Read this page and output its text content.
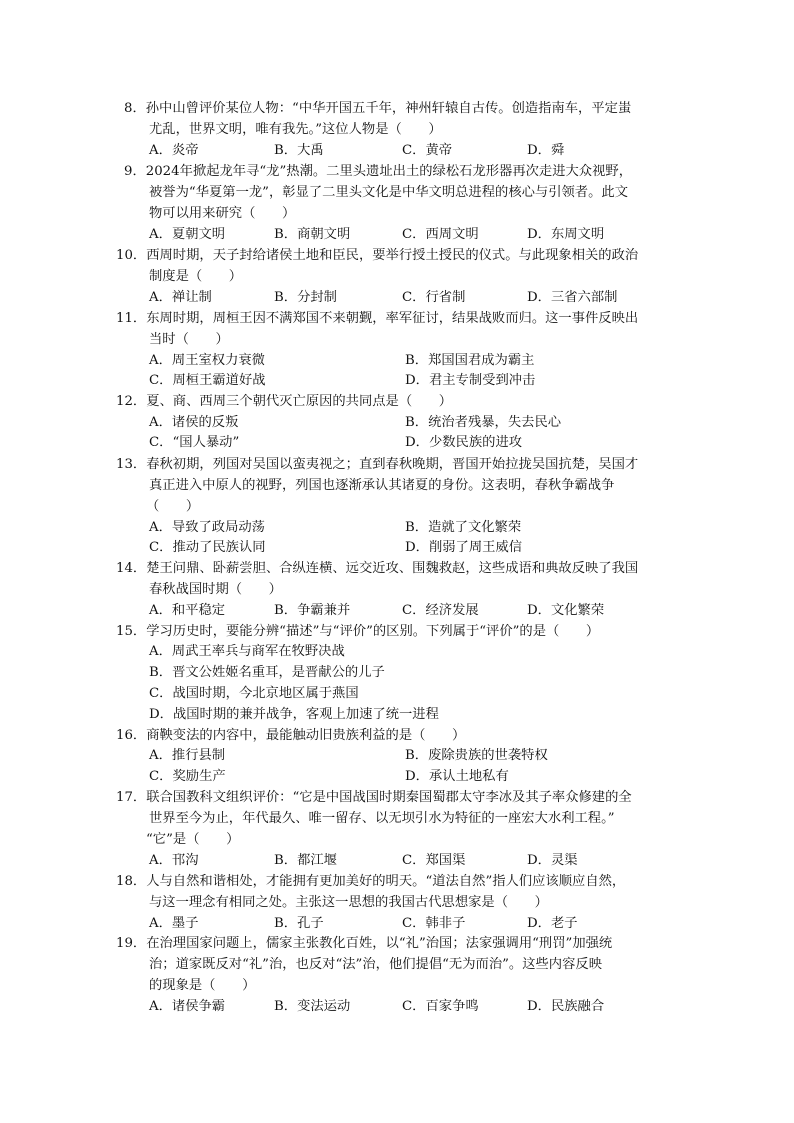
8．孙中山曾评价某位人物：“中华开国五千年，神州轩辕自古传。创造指南车，平定蚩
尤乱，世界文明，唯有我先。”这位人物是（　　）
A．炎帝	B．大禹	C．黄帝	D．舜
9．2024年掀起龙年寻“龙”热潮。二里头遗址出土的绿松石龙形器再次走进大众视野，
被誉为“华夏第一龙”，彰显了二里头文化是中华文明总进程的核心与引领者。此文
物可以用来研究（　　）
A．夏朝文明	B．商朝文明	C．西周文明	D．东周文明
10．西周时期，天子封给诸侯土地和臣民，要举行授土授民的仪式。与此现象相关的政治
制度是（　　）
A．禅让制	B．分封制	C．行省制	D．三省六部制
11．东周时期，周桓王因不满郑国不来朝觐，率军征讨，结果战败而归。这一事件反映出
当时（　　）
A．周王室权力衰微	B．郑国国君成为霸主
C．周桓王霸道好战	D．君主专制受到冲击
12．夏、商、西周三个朝代灭亡原因的共同点是（　　）
A．诸侯的反叛	B．统治者残暴，失去民心
C．“国人暴动”	D．少数民族的进攻
13．春秋初期，列国对吴国以蛮夷视之；直到春秋晚期，晋国开始拉拢吴国抗楚，吴国才
真正进入中原人的视野，列国也逐渐承认其诸夏的身份。这表明，春秋争霸战争
（　　）
A．导致了政局动荡	B．造就了文化繁荣
C．推动了民族认同	D．削弱了周王威信
14．楚王问鼎、卧薪尝胆、合纵连横、远交近攻、围魏救赵，这些成语和典故反映了我国
春秋战国时期（　　）
A．和平稳定	B．争霸兼并	C．经济发展	D．文化繁荣
15．学习历史时，要能分辨“描述”与“评价”的区别。下列属于“评价”的是（　　）
A．周武王率兵与商军在牧野决战
B．晋文公姓姬名重耳，是晋献公的儿子
C．战国时期，今北京地区属于燕国
D．战国时期的兼并战争，客观上加速了统一进程
16．商鞅变法的内容中，最能触动旧贵族利益的是（　　）
A．推行县制	B．废除贵族的世袭特权
C．奖励生产	D．承认土地私有
17．联合国教科文组织评价：“它是中国战国时期秦国蜀郡太守李冰及其子率众修建的全
世界至今为止，年代最久、唯一留存、以无坝引水为特征的一座宏大水利工程。”
“它”是（　　）
A．邗沟	B．都江堰	C．郑国渠	D．灵渠
18．人与自然和谐相处，才能拥有更加美好的明天。“道法自然”指人们应该顺应自然，
与这一理念有相同之处。主张这一思想的我国古代思想家是（　　）
A．墨子	B．孔子	C．韩非子	D．老子
19．在治理国家问题上，儒家主张教化百姓，以“礼”治国；法家强调用“刑罚”加强统
治；道家既反对“礼”治，也反对“法”治，他们提倡“无为而治”。这些内容反映
的现象是（　　）
A．诸侯争霸	B．变法运动	C．百家争鸣	D．民族融合
